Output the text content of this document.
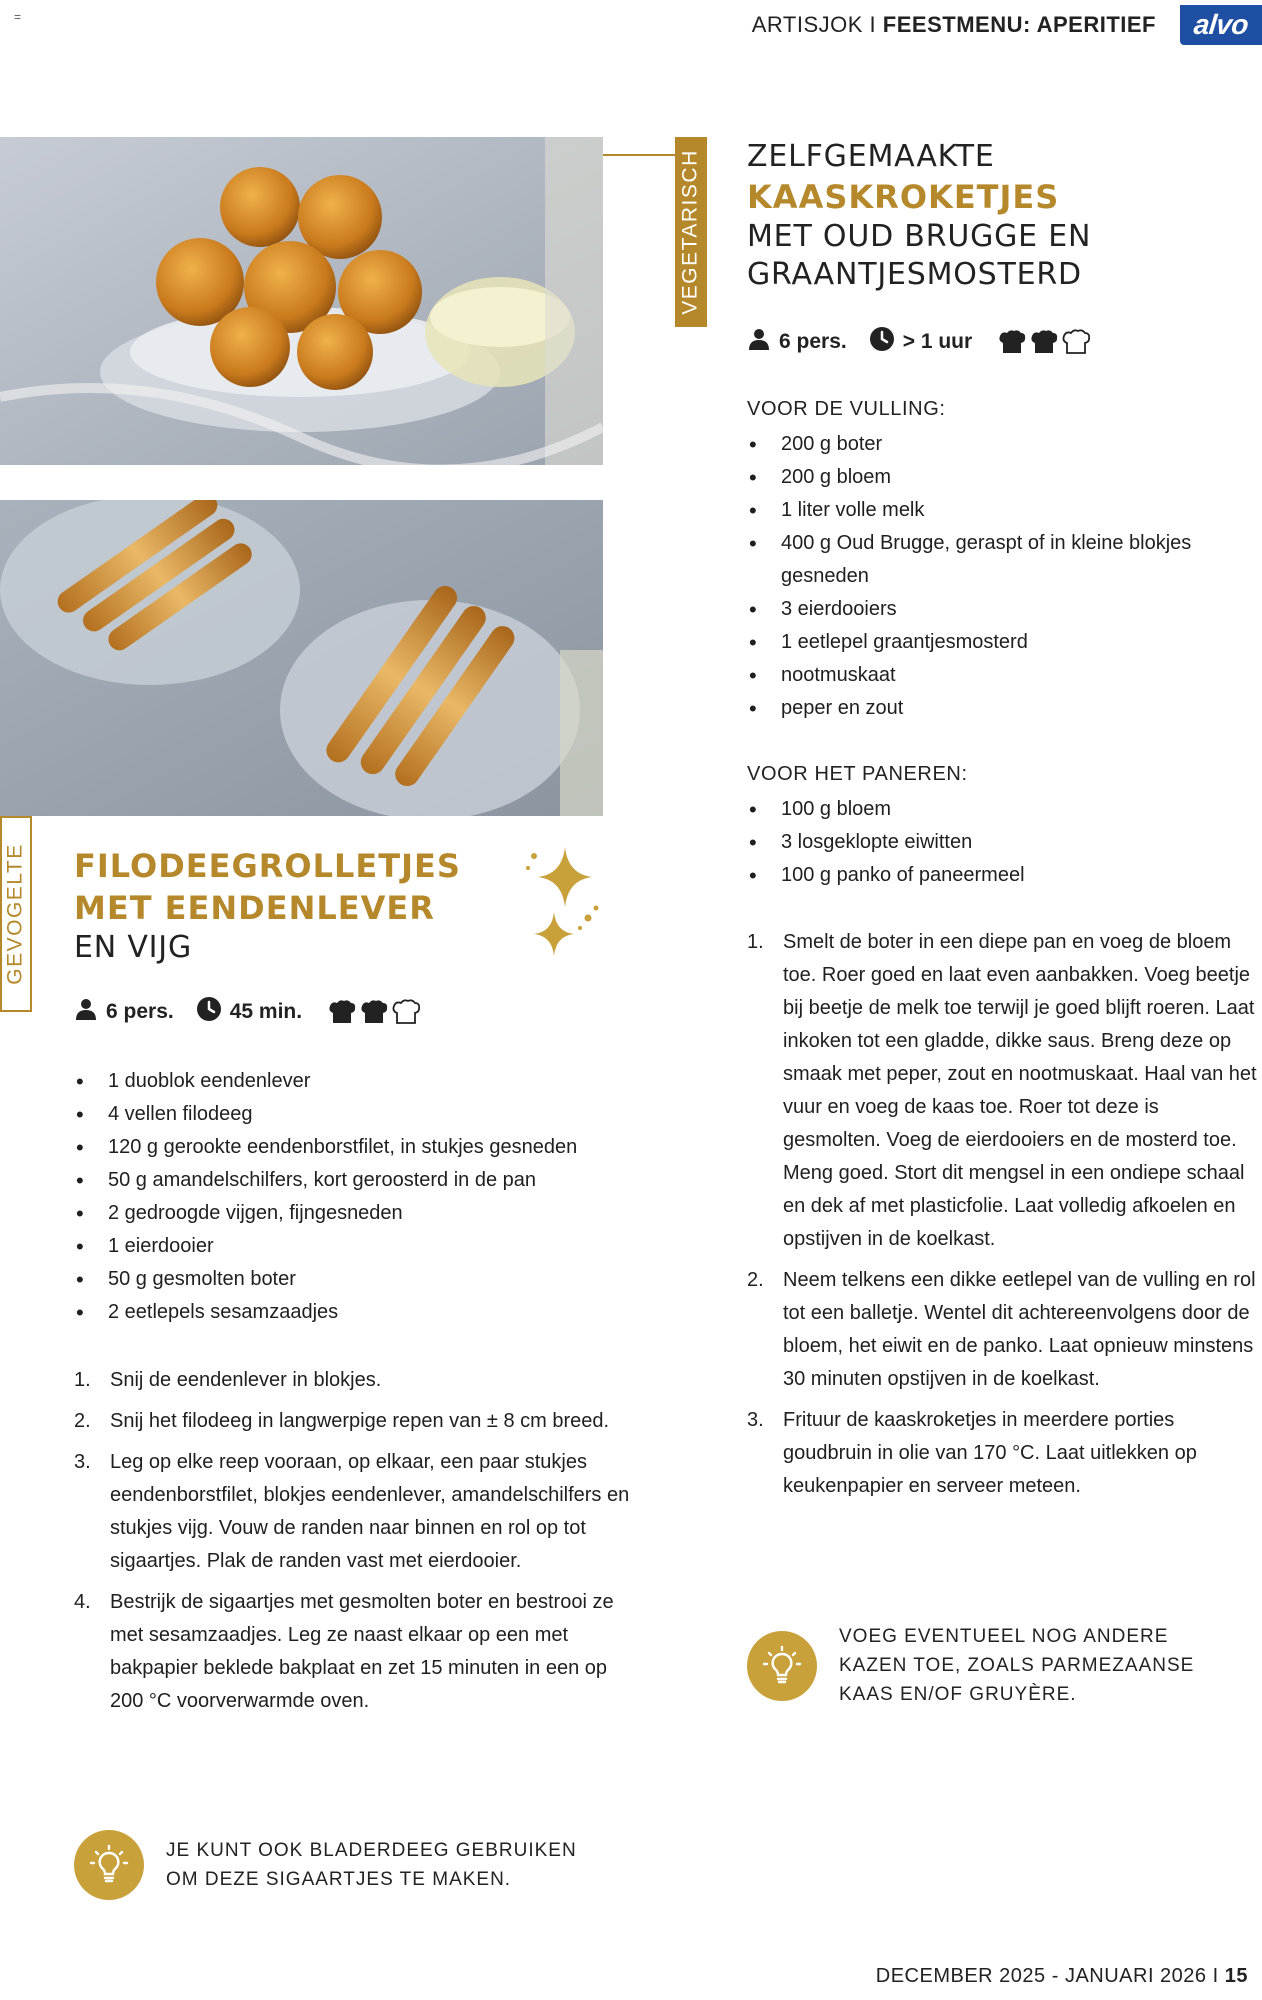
=	ARTISJOK I FEESTMENU: APERITIEF alvo
VEGETARISCH
GEVOGELTE
ZELFGEMAAKTE
KAASKROKETJES
MET OUD BRUGGE EN
GRAANTJESMOSTERD
6 pers.	> 1 uur
VOOR DE VULLING:
• 200 g boter
• 200 g bloem
• 1 liter volle melk
• 400 g Oud Brugge, geraspt of in kleine blokjes gesneden
• 3 eierdooiers
• 1 eetlepel graantjesmosterd
• nootmuskaat
• peper en zout
VOOR HET PANEREN:
• 100 g bloem
• 3 losgeklopte eiwitten
• 100 g panko of paneermeel
1. Smelt de boter in een diepe pan en voeg de bloem toe. Roer goed en laat even aanbakken. Voeg beetje bij beetje de melk toe terwijl je goed blijft roeren. Laat inkoken tot een gladde, dikke saus. Breng deze op smaak met peper, zout en nootmuskaat. Haal van het vuur en voeg de kaas toe. Roer tot deze is gesmolten. Voeg de eierdooiers en de mosterd toe. Meng goed. Stort dit mengsel in een ondiepe schaal en dek af met plasticfolie. Laat volledig afkoelen en opstijven in de koelkast.
2. Neem telkens een dikke eetlepel van de vulling en rol tot een balletje. Wentel dit achtereenvolgens door de bloem, het eiwit en de panko. Laat opnieuw minstens 30 minuten opstijven in de koelkast.
3. Frituur de kaaskroketjes in meerdere porties goudbruin in olie van 170 °C. Laat uitlekken op keukenpapier en serveer meteen.
VOEG EVENTUEEL NOG ANDERE
KAZEN TOE, ZOALS PARMEZAANSE
KAAS EN/OF GRUYÈRE.
FILODEEGROLLETJES
MET EENDENLEVER
EN VIJG
6 pers.	45 min.
• 1 duoblok eendenlever
• 4 vellen filodeeg
• 120 g gerookte eendenborstfilet, in stukjes gesneden
• 50 g amandelschilfers, kort geroosterd in de pan
• 2 gedroogde vijgen, fijngesneden
• 1 eierdooier
• 50 g gesmolten boter
• 2 eetlepels sesamzaadjes
1. Snij de eendenlever in blokjes.
2. Snij het filodeeg in langwerpige repen van ± 8 cm breed.
3. Leg op elke reep vooraan, op elkaar, een paar stukjes eendenborstfilet, blokjes eendenlever, amandelschilfers en stukjes vijg. Vouw de randen naar binnen en rol op tot sigaartjes. Plak de randen vast met eierdooier.
4. Bestrijk de sigaartjes met gesmolten boter en bestrooi ze met sesamzaadjes. Leg ze naast elkaar op een met bakpapier beklede bakplaat en zet 15 minuten in een op 200 °C voorverwarmde oven.
JE KUNT OOK BLADERDEEG GEBRUIKEN
OM DEZE SIGAARTJES TE MAKEN.
DECEMBER 2025 - JANUARI 2026 I 15
